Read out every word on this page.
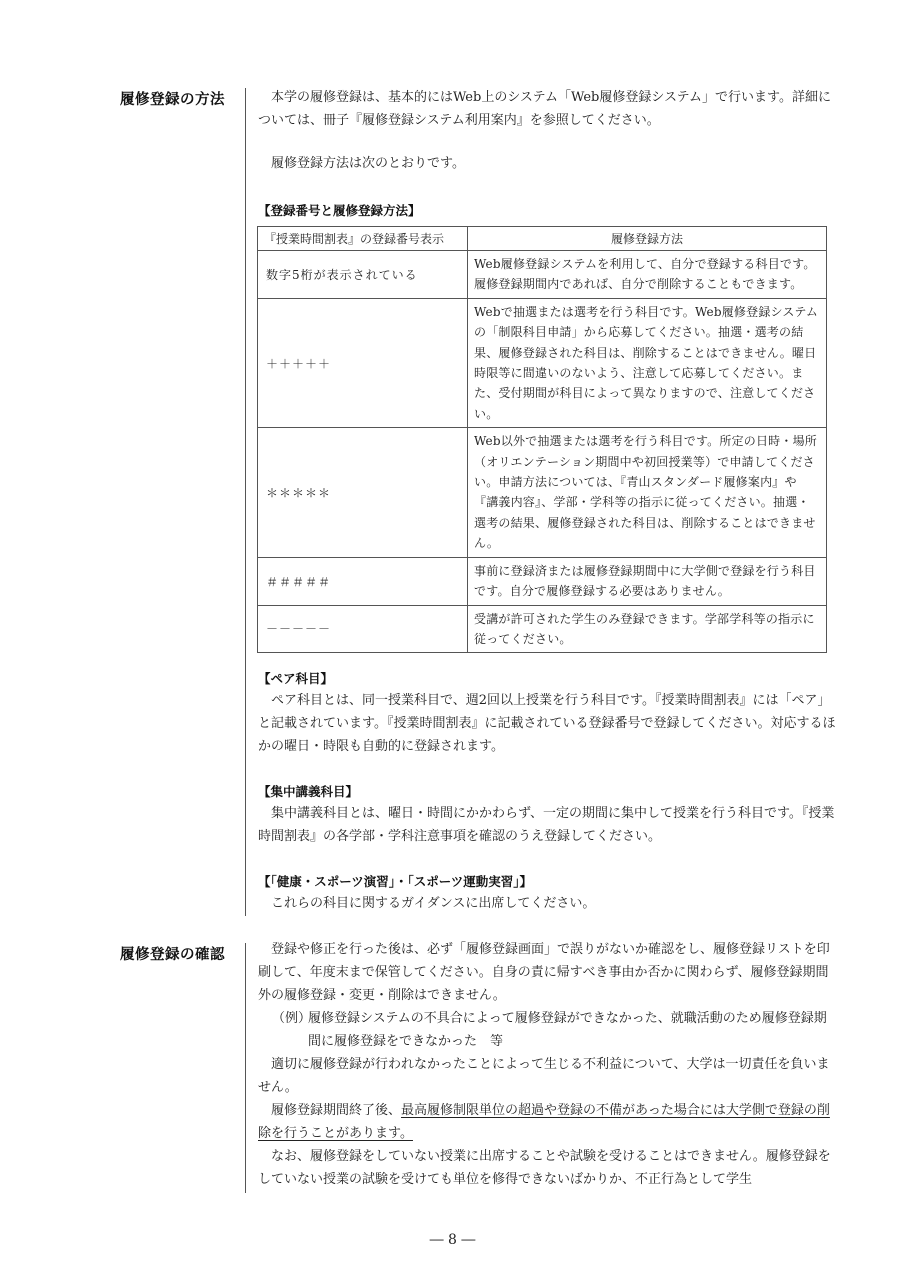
履修登録の方法	本学の履修登録は、基本的にはWeb上のシステム「Web履修登録システム」で行います。詳細については、冊子『履修登録システム利用案内』を参照してください。
履修登録方法は次のとおりです。
【登録番号と履修登録方法】
『授業時間割表』の登録番号表示	履修登録方法
数字5桁が表示されている	Web履修登録システムを利用して、自分で登録する科目です。履修登録期間内であれば、自分で削除することもできます。
＋＋＋＋＋	Webで抽選または選考を行う科目です。Web履修登録システムの「制限科目申請」から応募してください。抽選・選考の結果、履修登録された科目は、削除することはできません。曜日時限等に間違いのないよう、注意して応募してください。また、受付期間が科目によって異なりますので、注意してください。
＊＊＊＊＊	Web以外で抽選または選考を行う科目です。所定の日時・場所（オリエンテーション期間中や初回授業等）で申請してください。申請方法については、『青山スタンダード履修案内』や『講義内容』、学部・学科等の指示に従ってください。抽選・選考の結果、履修登録された科目は、削除することはできません。
＃＃＃＃＃	事前に登録済または履修登録期間中に大学側で登録を行う科目です。自分で履修登録する必要はありません。
－－－－－	受講が許可された学生のみ登録できます。学部学科等の指示に従ってください。
【ペア科目】
ペア科目とは、同一授業科目で、週2回以上授業を行う科目です。『授業時間割表』には「ペア」と記載されています。『授業時間割表』に記載されている登録番号で登録してください。対応するほかの曜日・時限も自動的に登録されます。
【集中講義科目】
集中講義科目とは、曜日・時間にかかわらず、一定の期間に集中して授業を行う科目です。『授業時間割表』の各学部・学科注意事項を確認のうえ登録してください。
【「健康・スポーツ演習」・「スポーツ運動実習」】
これらの科目に関するガイダンスに出席してください。
履修登録の確認	登録や修正を行った後は、必ず「履修登録画面」で誤りがないか確認をし、履修登録リストを印刷して、年度末まで保管してください。自身の責に帰すべき事由か否かに関わらず、履修登録期間外の履修登録・変更・削除はできません。
（例）
履修登録システムの不具合によって履修登録ができなかった、就職活動のため履修登録期間に履修登録をできなかった　等
適切に履修登録が行われなかったことによって生じる不利益について、大学は一切責任を負いません。
履修登録期間終了後、最高履修制限単位の超過や登録の不備があった場合には大学側で登録の削除を行うことがあります。
なお、履修登録をしていない授業に出席することや試験を受けることはできません。履修登録をしていない授業の試験を受けても単位を修得できないばかりか、不正行為として学生
― 8 ―
